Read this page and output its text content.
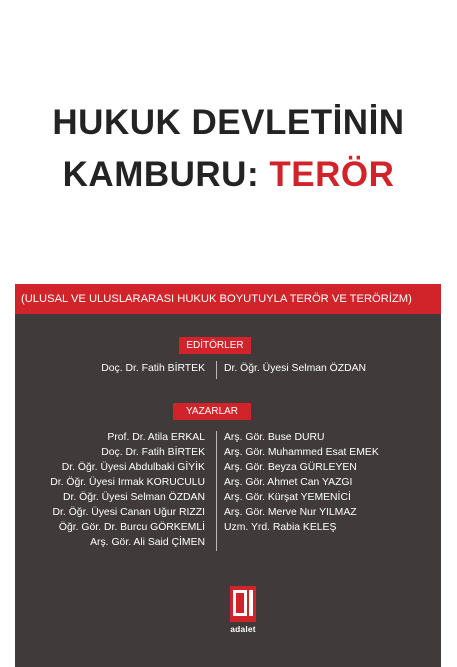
HUKUK DEVLETİNİN
KAMBURU: TERÖR
(ULUSAL VE ULUSLARARASI HUKUK BOYUTUYLA TERÖR VE TERÖRİZM)
EDİTÖRLER
Doç. Dr. Fatih BİRTEK Dr. Öğr. Üyesi Selman ÖZDAN
YAZARLAR
Prof. Dr. Atila ERKAL
Doç. Dr. Fatih BİRTEK
Dr. Öğr. Üyesi Abdulbaki GİYİK
Dr. Öğr. Üyesi Irmak KORUCULU
Dr. Öğr. Üyesi Selman ÖZDAN
Dr. Öğr. Üyesi Canan Uğur RIZZI
Öğr. Gör. Dr. Burcu GÖRKEMLİ
Arş. Gör. Ali Said ÇİMEN
Arş. Gör. Buse DURU
Arş. Gör. Muhammed Esat EMEK
Arş. Gör. Beyza GÜRLEYEN
Arş. Gör. Ahmet Can YAZGI
Arş. Gör. Kürşat YEMENİCİ
Arş. Gör. Merve Nur YILMAZ
Uzm. Yrd. Rabia KELEŞ
adalet
